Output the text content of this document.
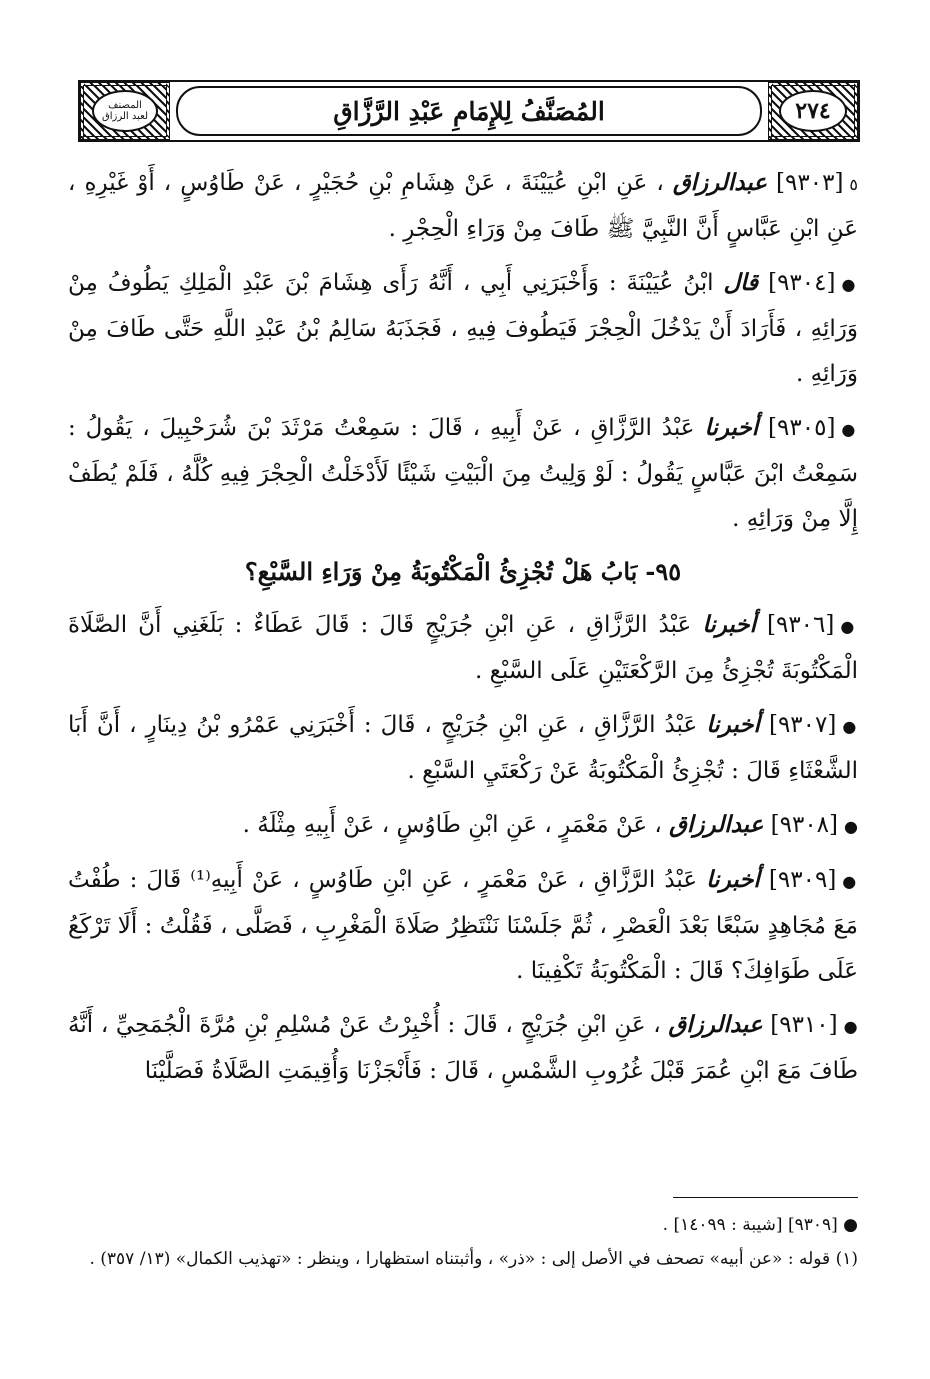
المصنف
لعبد الرزاق	المُصَنَّفُ لِلإِمَامِ عَبْدِ الرَّزَّاقِ	٢٧٤

٥[٩٣٠٣] عبدالرزاق ، عَنِ ابْنِ عُيَيْنَةَ ، عَنْ هِشَامِ بْنِ حُجَيْرٍ ، عَنْ طَاوُسٍ ، أَوْ غَيْرِهِ ، عَنِ ابْنِ عَبَّاسٍ أَنَّ النَّبِيَّ ﷺ طَافَ مِنْ وَرَاءِ الْحِجْرِ .

●[٩٣٠٤] قال ابْنُ عُيَيْنَةَ : وَأَخْبَرَنِي أَبِي ، أَنَّهُ رَأَى هِشَامَ بْنَ عَبْدِ الْمَلِكِ يَطُوفُ مِنْ وَرَائِهِ ، فَأَرَادَ أَنْ يَدْخُلَ الْحِجْرَ فَيَطُوفَ فِيهِ ، فَجَذَبَهُ سَالِمُ بْنُ عَبْدِ اللَّهِ حَتَّى طَافَ مِنْ وَرَائِهِ .

●[٩٣٠٥] أخبرنا عَبْدُ الرَّزَّاقِ ، عَنْ أَبِيهِ ، قَالَ : سَمِعْتُ مَرْثَدَ بْنَ شُرَحْبِيلَ ، يَقُولُ : سَمِعْتُ ابْنَ عَبَّاسٍ يَقُولُ : لَوْ وَلِيتُ مِنَ الْبَيْتِ شَيْئًا لَأَدْخَلْتُ الْحِجْرَ فِيهِ كُلَّهُ ، فَلَمْ يُطَفْ إِلَّا مِنْ وَرَائِهِ .

٩٥-بَابُ هَلْ تُجْزِئُ الْمَكْتُوبَةُ مِنْ وَرَاءِ السَّبْعِ؟

●[٩٣٠٦] أخبرنا عَبْدُ الرَّزَّاقِ ، عَنِ ابْنِ جُرَيْجٍ قَالَ : قَالَ عَطَاءٌ : بَلَغَنِي أَنَّ الصَّلَاةَ الْمَكْتُوبَةَ تُجْزِئُ مِنَ الرَّكْعَتَيْنِ عَلَى السَّبْعِ .

●[٩٣٠٧] أخبرنا عَبْدُ الرَّزَّاقِ ، عَنِ ابْنِ جُرَيْجٍ ، قَالَ : أَخْبَرَنِي عَمْرُو بْنُ دِينَارٍ ، أَنَّ أَبَا الشَّعْثَاءِ قَالَ : تُجْزِئُ الْمَكْتُوبَةُ عَنْ رَكْعَتَيِ السَّبْعِ .

●[٩٣٠٨] عبدالرزاق ، عَنْ مَعْمَرٍ ، عَنِ ابْنِ طَاوُسٍ ، عَنْ أَبِيهِ مِثْلَهُ .

●[٩٣٠٩] أخبرنا عَبْدُ الرَّزَّاقِ ، عَنْ مَعْمَرٍ ، عَنِ ابْنِ طَاوُسٍ ، عَنْ أَبِيهِ⁽¹⁾ قَالَ : طُفْتُ مَعَ مُجَاهِدٍ سَبْعًا بَعْدَ الْعَصْرِ ، ثُمَّ جَلَسْنَا نَنْتَظِرُ صَلَاةَ الْمَغْرِبِ ، فَصَلَّى ، فَقُلْتُ : أَلَا تَرْكَعُ عَلَى طَوَافِكَ؟ قَالَ : الْمَكْتُوبَةُ تَكْفِينَا .

●[٩٣١٠] عبدالرزاق ، عَنِ ابْنِ جُرَيْجٍ ، قَالَ : أُخْبِرْتُ عَنْ مُسْلِمِ بْنِ مُرَّةَ الْجُمَحِيِّ ، أَنَّهُ طَافَ مَعَ ابْنِ عُمَرَ قَبْلَ غُرُوبِ الشَّمْسِ ، قَالَ : فَأَنْجَزْنَا وَأُقِيمَتِ الصَّلَاةُ فَصَلَّيْنَا

● [٩٣٠٩] [شيبة : ١٤٠٩٩] .

(١) قوله : «عن أبيه» تصحف في الأصل إلى : «ذر» ، وأثبتناه استظهارا ، وينظر : «تهذيب الكمال» (١٣/ ٣٥٧) .
